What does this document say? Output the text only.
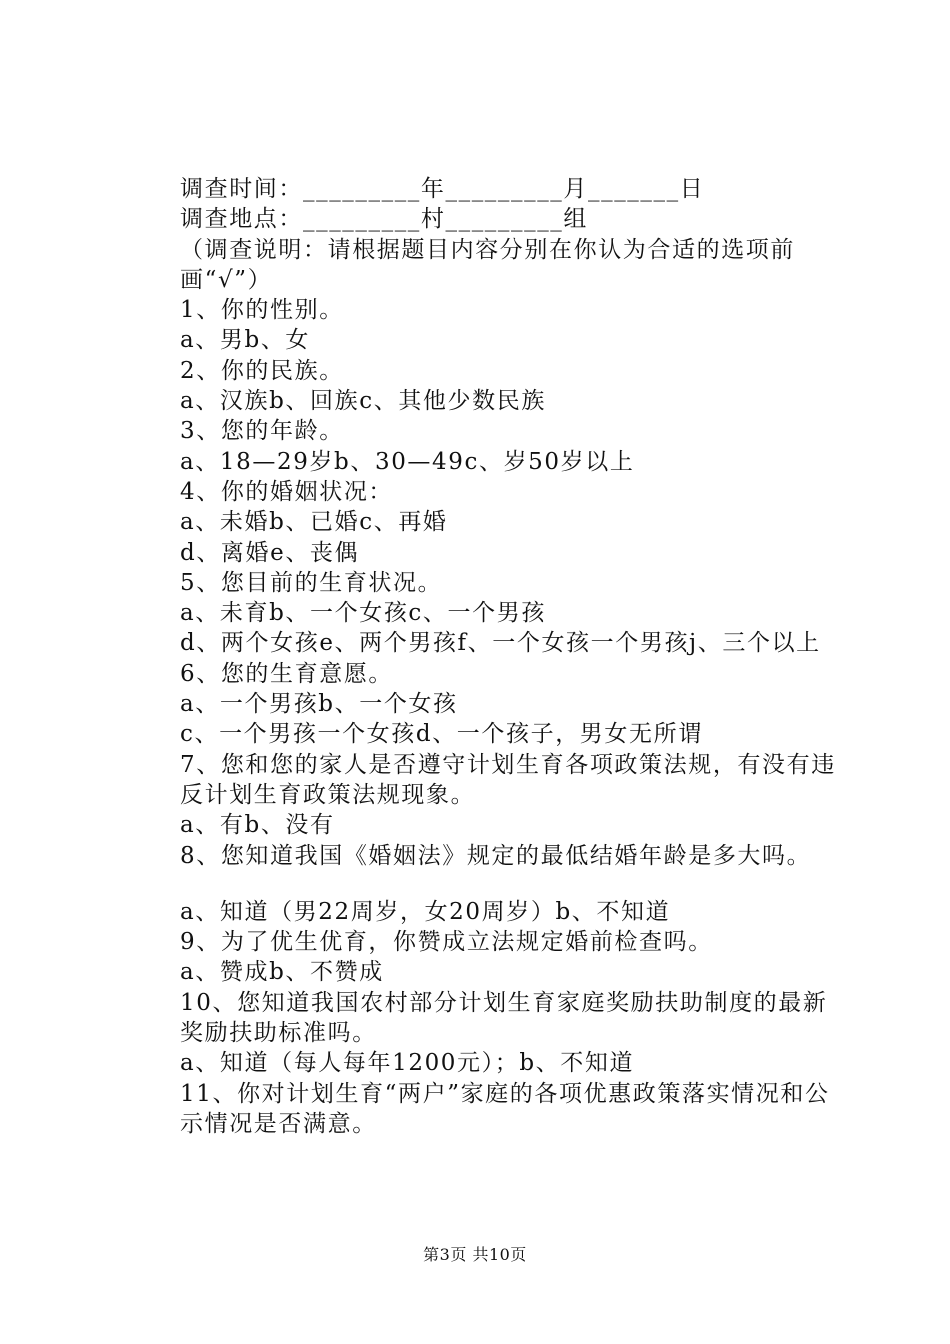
调查时间：_________年_________月_______日
调查地点：_________村_________组
（调查说明：请根据题目内容分别在你认为合适的选项前画“√”）
1、你的性别。
a、男b、女
2、你的民族。
a、汉族b、回族c、其他少数民族
3、您的年龄。
a、18—29岁b、30—49c、岁50岁以上
4、你的婚姻状况：
a、未婚b、已婚c、再婚
d、离婚e、丧偶
5、您目前的生育状况。
a、未育b、一个女孩c、一个男孩
d、两个女孩e、两个男孩f、一个女孩一个男孩j、三个以上
6、您的生育意愿。
a、一个男孩b、一个女孩
c、一个男孩一个女孩d、一个孩子，男女无所谓
7、您和您的家人是否遵守计划生育各项政策法规，有没有违反计划生育政策法规现象。
a、有b、没有
8、您知道我国《婚姻法》规定的最低结婚年龄是多大吗。
a、知道（男22周岁，女20周岁）b、不知道
9、为了优生优育，你赞成立法规定婚前检查吗。
a、赞成b、不赞成
10、您知道我国农村部分计划生育家庭奖励扶助制度的最新奖励扶助标准吗。
a、知道（每人每年1200元）；b、不知道
11、你对计划生育“两户”家庭的各项优惠政策落实情况和公示情况是否满意。
第3页 共10页
